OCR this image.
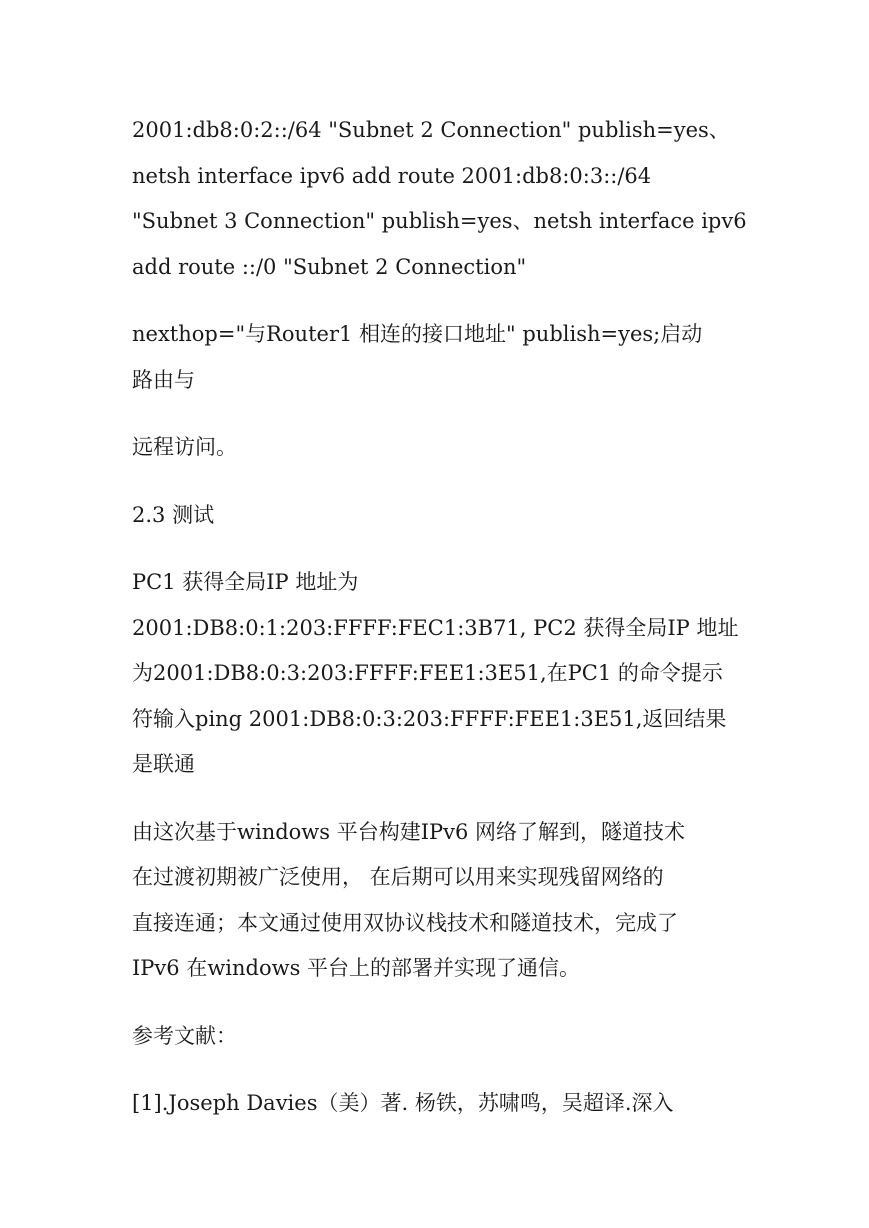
2001:db8:0:2::/64 "Subnet 2 Connection" publish=yes、
netsh interface ipv6 add route 2001:db8:0:3::/64
"Subnet 3 Connection" publish=yes、netsh interface ipv6
add route ::/0 "Subnet 2 Connection"
nexthop="与Router1 相连的接口地址" publish=yes;启动
路由与
远程访问。
2.3 测试
PC1 获得全局IP 地址为
2001:DB8:0:1:203:FFFF:FEC1:3B71, PC2 获得全局IP 地址
为2001:DB8:0:3:203:FFFF:FEE1:3E51,在PC1 的命令提示
符输入ping 2001:DB8:0:3:203:FFFF:FEE1:3E51,返回结果
是联通
由这次基于windows 平台构建IPv6 网络了解到，隧道技术
在过渡初期被广泛使用， 在后期可以用来实现残留网络的
直接连通；本文通过使用双协议栈技术和隧道技术，完成了
IPv6 在windows 平台上的部署并实现了通信。
参考文献：
[1].Joseph Davies（美）著. 杨铁，苏啸鸣，吴超译.深入
